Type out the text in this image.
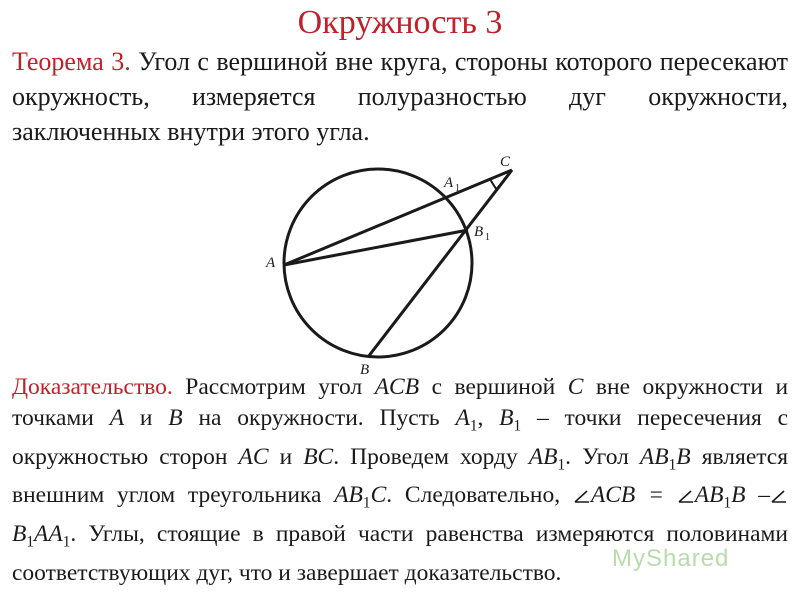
Окружность 3
Теорема 3. Угол с вершиной вне круга, стороны которого пересекают окружность, измеряется полуразностью дуг окружности, заключенных внутри этого угла.
A
B
C
A 1
B 1
Доказательство. Рассмотрим угол ACB с вершиной C вне окружности и точками A и B на окружности. Пусть $A_1$, $B_1$ – точки пересечения с окружностью сторон AC и BC. Проведем хорду $AB_1$. Угол $AB_1B$ является внешним углом треугольника $AB_1C$. Следовательно, ACB = $AB_1B - B_1AA_1$. Углы, стоящие в правой части равенства измеряются половинами соответствующих дуг, что и завершает доказательство.
MyShared
